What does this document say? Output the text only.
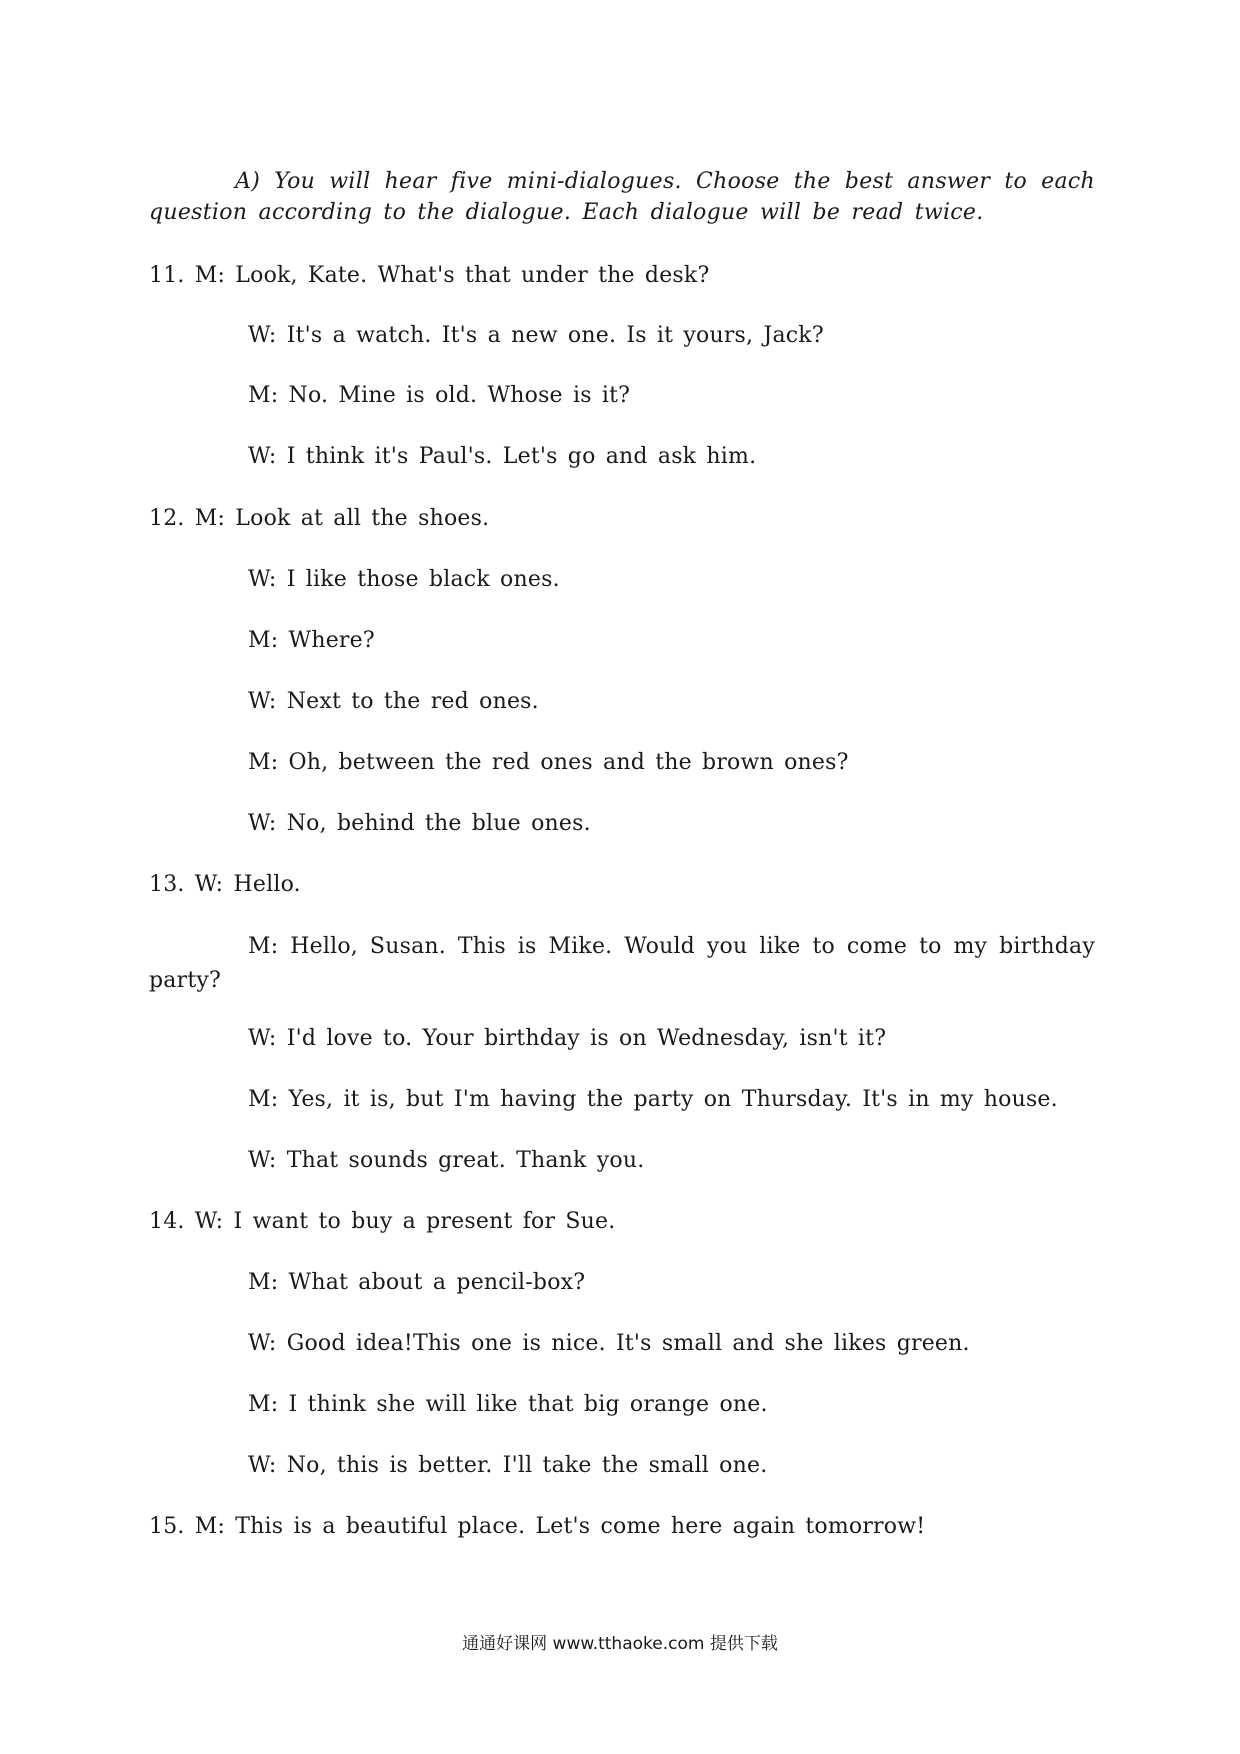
A) You will hear five mini-dialogues. Choose the best answer to each question according to the dialogue. Each dialogue will be read twice.
11. M: Look, Kate. What's that under the desk?
W: It's a watch. It's a new one. Is it yours, Jack?
M: No. Mine is old. Whose is it?
W: I think it's Paul's. Let's go and ask him.
12. M: Look at all the shoes.
W: I like those black ones.
M: Where?
W: Next to the red ones.
M: Oh, between the red ones and the brown ones?
W: No, behind the blue ones.
13. W: Hello.
M: Hello, Susan. This is Mike. Would you like to come to my birthday party?
W: I'd love to. Your birthday is on Wednesday, isn't it?
M: Yes, it is, but I'm having the party on Thursday. It's in my house.
W: That sounds great. Thank you.
14. W: I want to buy a present for Sue.
M: What about a pencil-box?
W: Good idea!This one is nice. It's small and she likes green.
M: I think she will like that big orange one.
W: No, this is better. I'll take the small one.
15. M: This is a beautiful place. Let's come here again tomorrow!
通通好课网 www.tthaoke.com 提供下载
